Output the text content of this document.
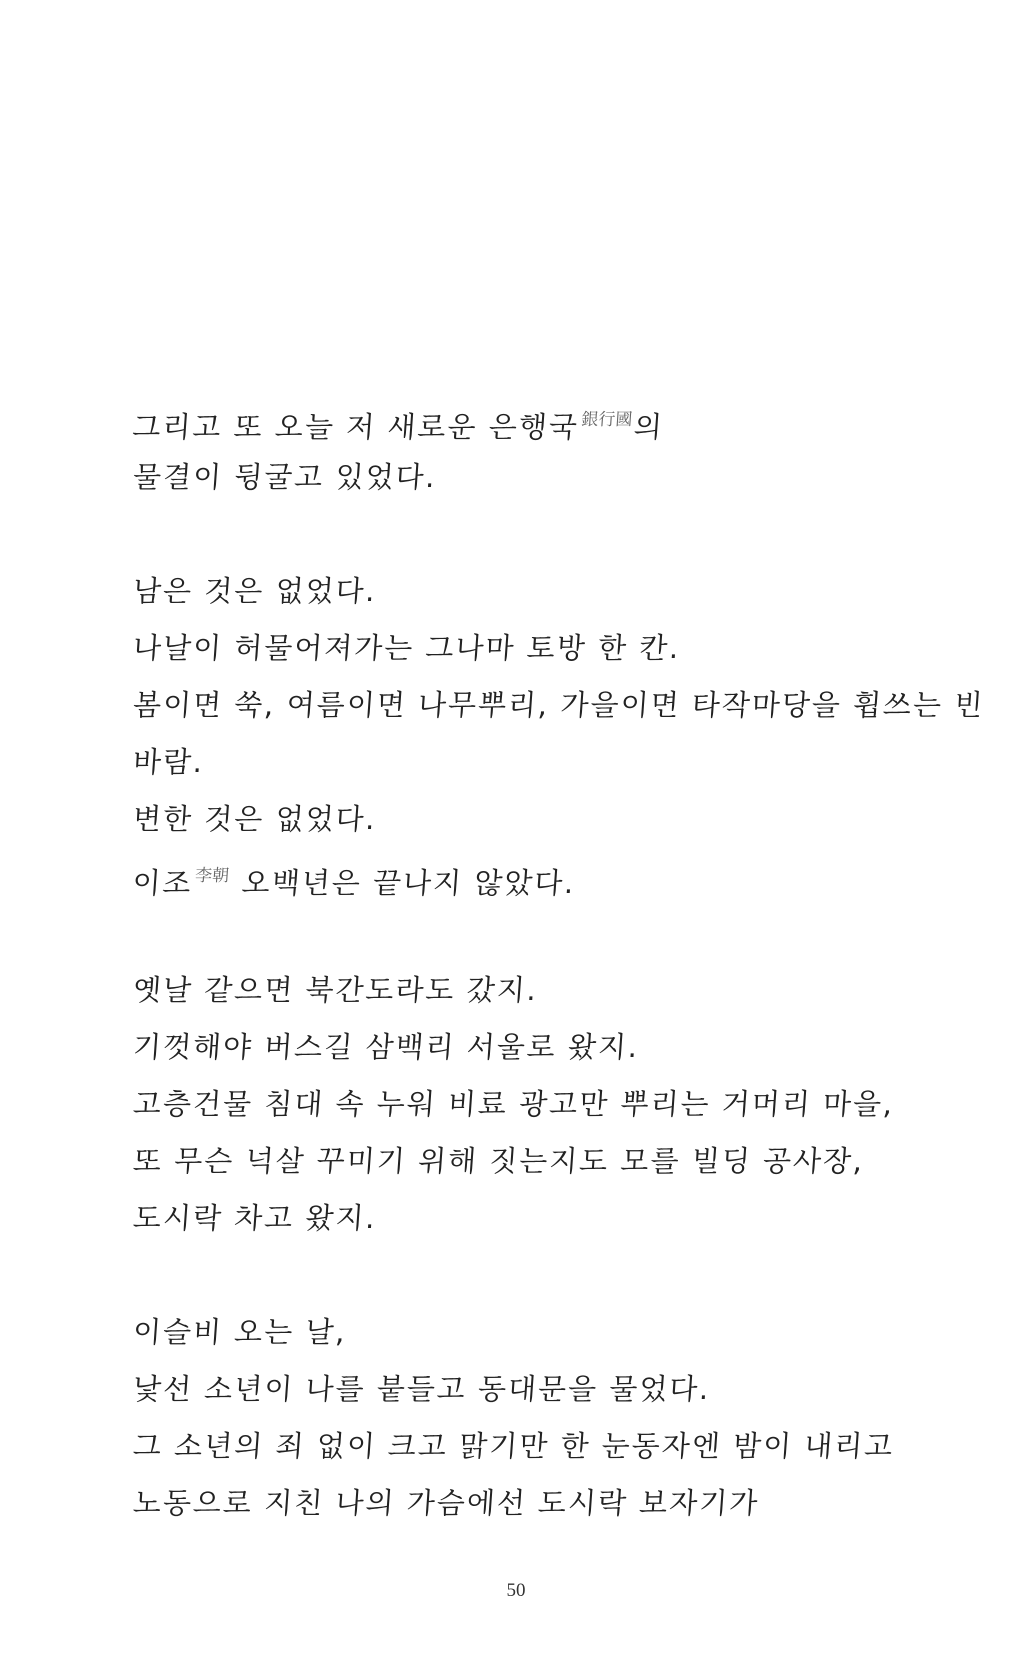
그리고 또 오늘 저 새로운 은행국$^{銀行國}$의
물결이 뒹굴고 있었다.
남은 것은 없었다.
나날이 허물어져가는 그나마 토방 한 칸.
봄이면 쑥, 여름이면 나무뿌리, 가을이면 타작마당을 휩쓰는 빈
바람.
변한 것은 없었다.
이조$^{李朝}$ 오백년은 끝나지 않았다.
옛날 같으면 북간도라도 갔지.
기껏해야 버스길 삼백리 서울로 왔지.
고층건물 침대 속 누워 비료 광고만 뿌리는 거머리 마을,
또 무슨 넉살 꾸미기 위해 짓는지도 모를 빌딩 공사장,
도시락 차고 왔지.
이슬비 오는 날,
낯선 소년이 나를 붙들고 동대문을 물었다.
그 소년의 죄 없이 크고 맑기만 한 눈동자엔 밤이 내리고
노동으로 지친 나의 가슴에선 도시락 보자기가
50
